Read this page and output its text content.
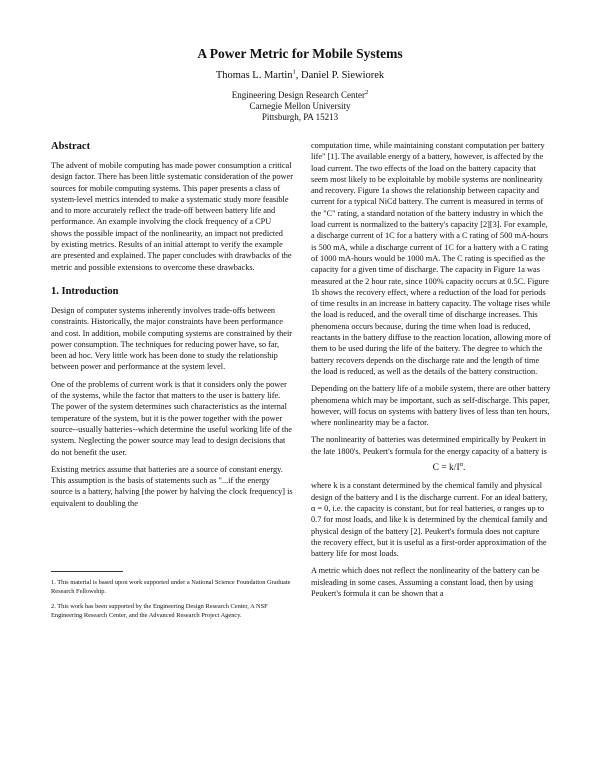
A Power Metric for Mobile Systems
Thomas L. Martin$^1$, Daniel P. Siewiorek
Engineering Design Research Center$^2$
Carnegie Mellon University
Pittsburgh, PA 15213
Abstract

The advent of mobile computing has made power consumption a critical design factor. There has been little systematic consideration of the power sources for mobile computing systems. This paper presents a class of system-level metrics intended to make a systematic study more feasible and to more accurately reflect the trade-off between battery life and performance. An example involving the clock frequency of a CPU shows the possible impact of the nonlinearity, an impact not predicted by existing metrics. Results of an initial attempt to verify the example are presented and explained. The paper concludes with drawbacks of the metric and possible extensions to overcome these drawbacks.

1. Introduction

Design of computer systems inherently involves trade-offs between constraints. Historically, the major constraints have been performance and cost. In addition, mobile computing systems are constrained by their power consumption. The techniques for reducing power have, so far, been ad hoc. Very little work has been done to study the relationship between power and performance at the system level.

One of the problems of current work is that it considers only the power of the systems, while the factor that matters to the user is battery life. The power of the system determines such characteristics as the internal temperature of the system, but it is the power together with the power source--usually batteries--which determine the useful working life of the system. Neglecting the power source may lead to design decisions that do not benefit the user.

Existing metrics assume that batteries are a source of constant energy. This assumption is the basis of statements such as "...if the energy source is a battery, halving [the power by halving the clock frequency] is equivalent to doubling the

1. This material is based upon work supported under a National Science Foundation Graduate Research Fellowship.

2. This work has been supported by the Engineering Design Research Center, A NSF Engineering Research Center, and the Advanced Research Project Agency.

computation time, while maintaining constant computation per battery life" [1]. The available energy of a battery, however, is affected by the load current. The two effects of the load on the battery capacity that seem most likely to be exploitable by mobile systems are nonlinearity and recovery. Figure 1a shows the relationship between capacity and current for a typical NiCd battery. The current is measured in terms of the "C" rating, a standard notation of the battery industry in which the load current is normalized to the battery's capacity [2][3]. For example, a discharge current of 1C for a battery with a C rating of 500 mA-hours is 500 mA, while a discharge current of 1C for a battery with a C rating of 1000 mA-hours would be 1000 mA. The C rating is specified as the capacity for a given time of discharge. The capacity in Figure 1a was measured at the 2 hour rate, since 100% capacity occurs at 0.5C. Figure 1b shows the recovery effect, where a reduction of the load for periods of time results in an increase in battery capacity. The voltage rises while the load is reduced, and the overall time of discharge increases. This phenomena occurs because, during the time when load is reduced, reactants in the battery diffuse to the reaction location, allowing more of them to be used during the life of the battery. The degree to which the battery recovers depends on the discharge rate and the length of time the load is reduced, as well as the details of the battery construction.

Depending on the battery life of a mobile system, there are other battery phenomena which may be important, such as self-discharge. This paper, however, will focus on systems with battery lives of less than ten hours, where nonlinearity may be a factor.

The nonlinearity of batteries was determined empirically by Peukert in the late 1800's. Peukert's formula for the energy capacity of a battery is

$C = k/I^\alpha$.

where k is a constant determined by the chemical family and physical design of the battery and I is the discharge current. For an ideal battery, α = 0, i.e. the capacity is constant, but for real batteries, α ranges up to 0.7 for most loads, and like k is determined by the chemical family and physical design of the battery [2]. Peukert's formula does not capture the recovery effect, but it is useful as a first-order approximation of the battery life for most loads.

A metric which does not reflect the nonlinearity of the battery can be misleading in some cases. Assuming a constant load, then by using Peukert's formula it can be shown that a
